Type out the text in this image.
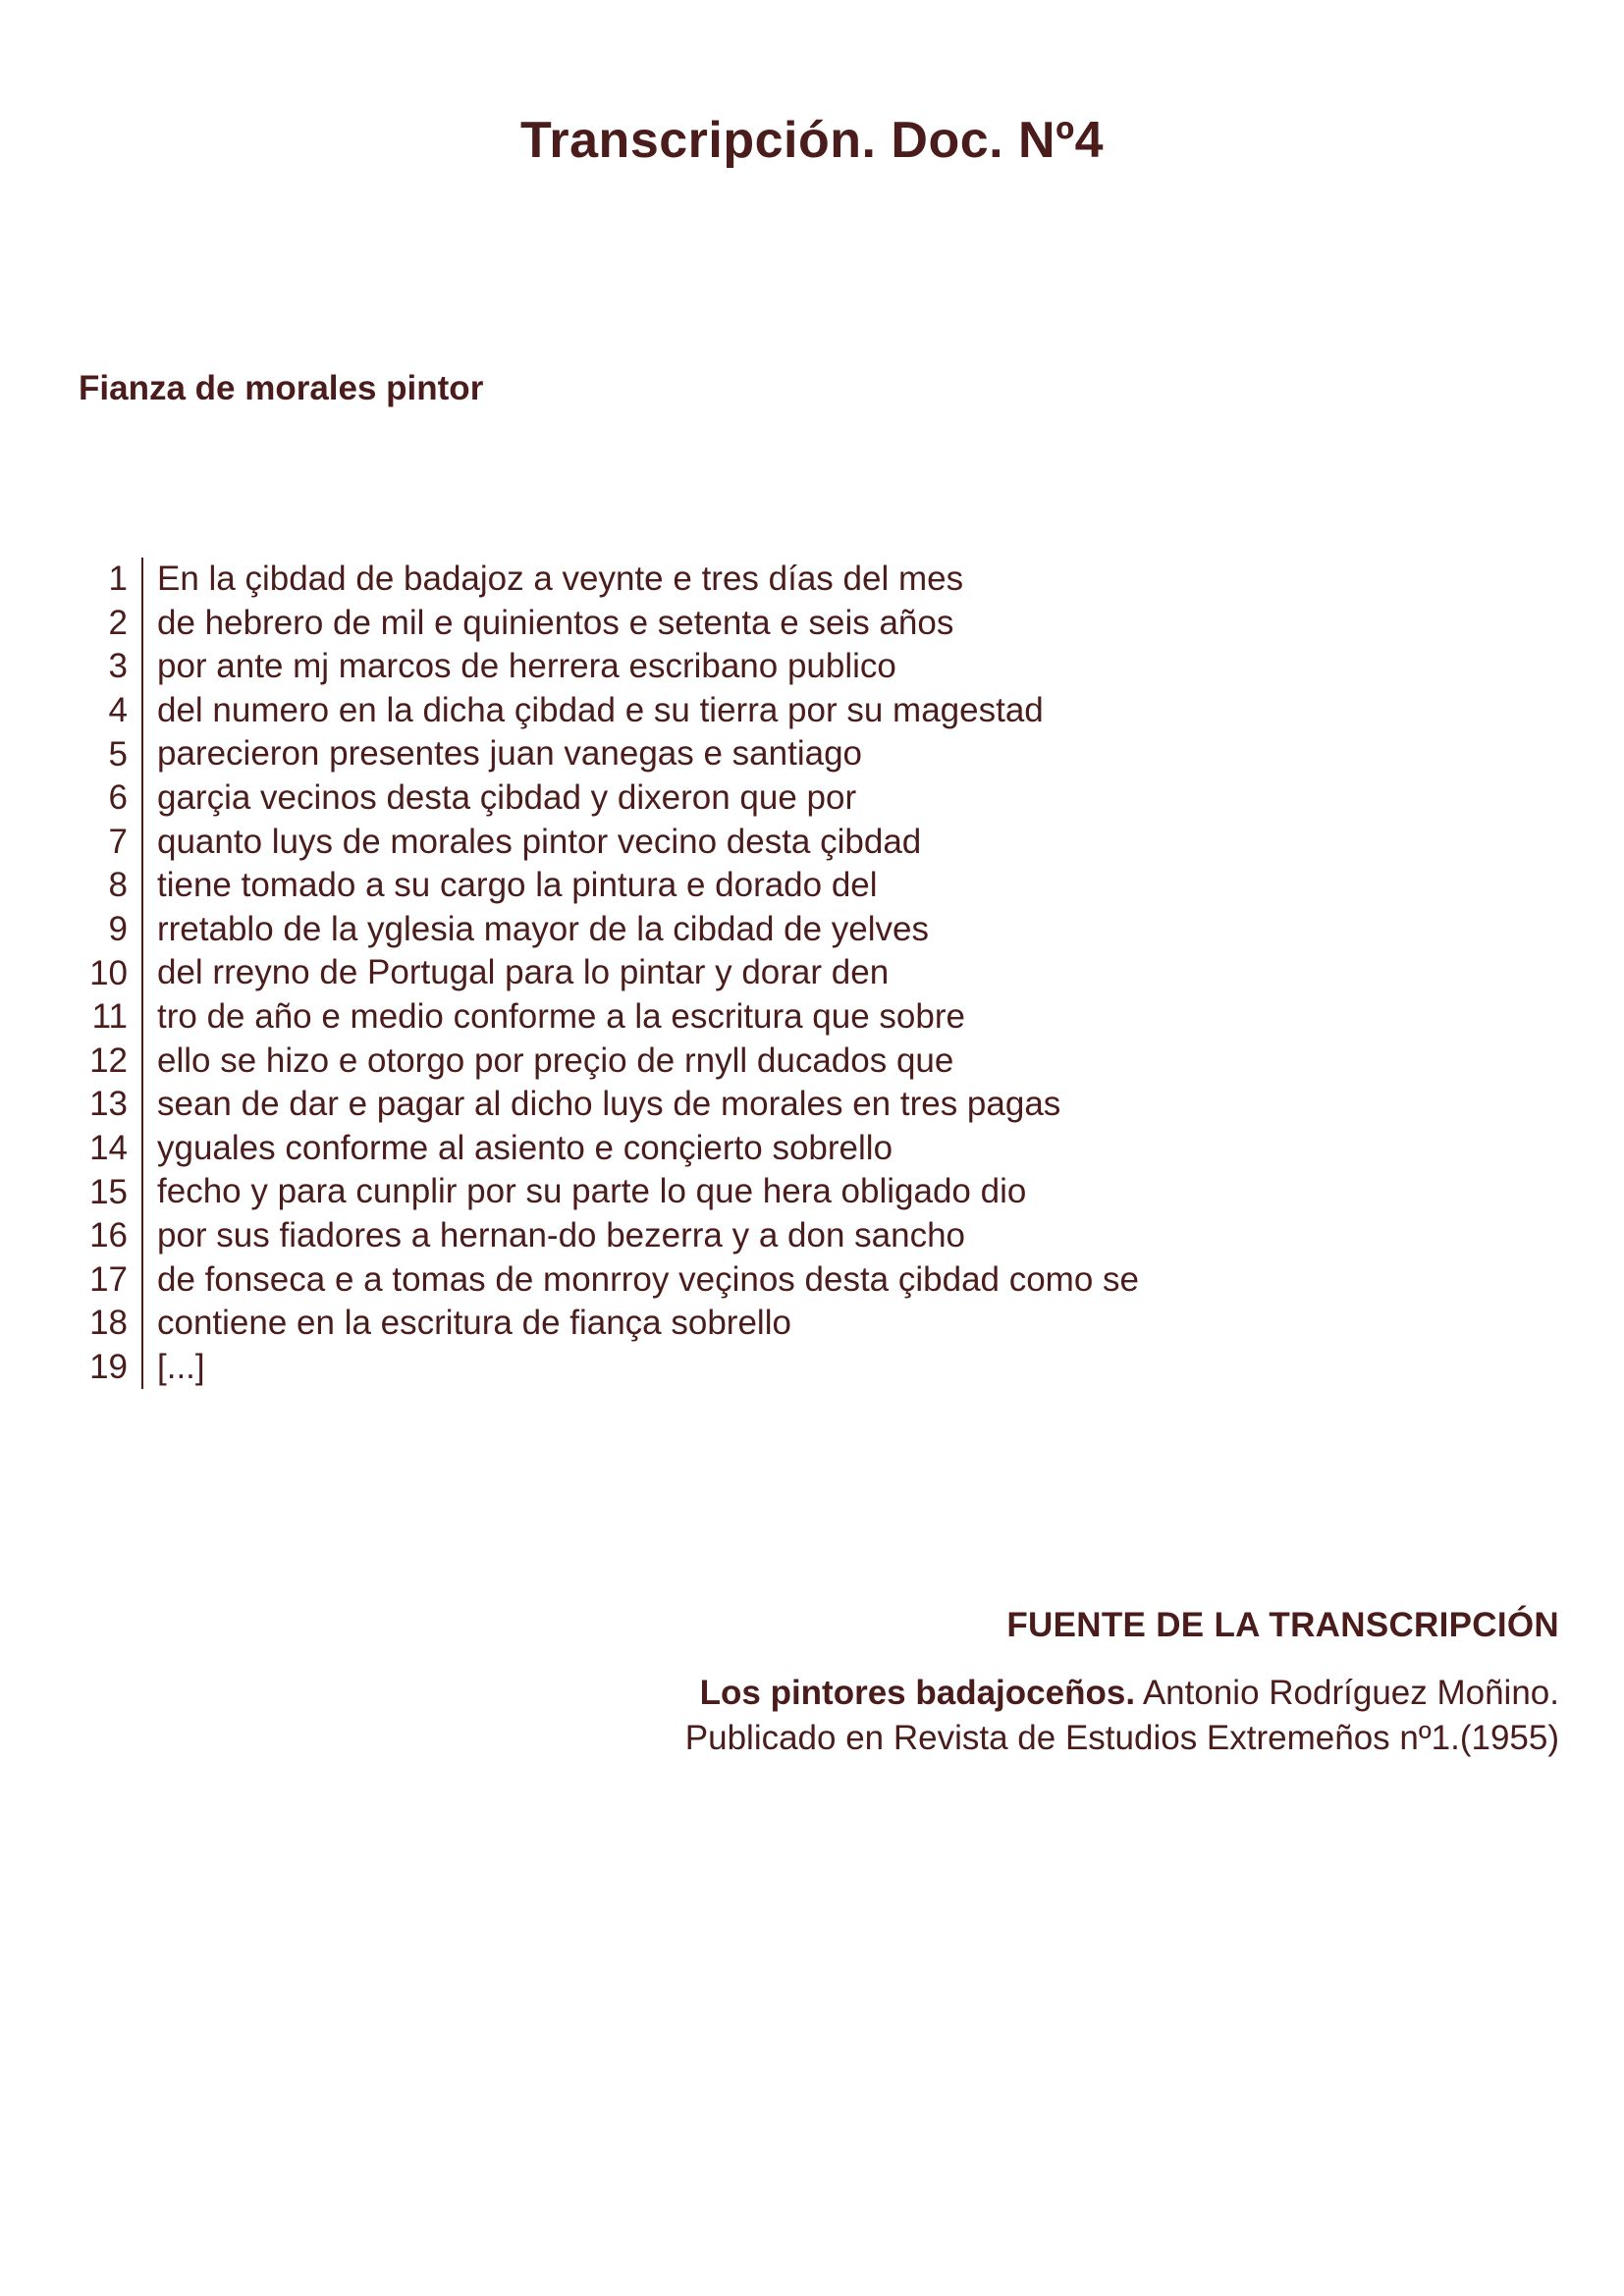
Transcripción. Doc. Nº4
Fianza de morales pintor
1 En la çibdad de badajoz a veynte e tres días del mes
2 de hebrero de mil e quinientos e setenta e seis años
3 por ante mj marcos de herrera escribano publico
4 del numero en la dicha çibdad e su tierra por su magestad
5 parecieron presentes juan vanegas e santiago
6 garçia vecinos desta çibdad y dixeron que por
7 quanto luys de morales pintor vecino desta çibdad
8 tiene tomado a su cargo la pintura e dorado del
9 rretablo de la yglesia mayor de la cibdad de yelves
10 del rreyno de Portugal para lo pintar y dorar den
11 tro de año e medio conforme a la escritura que sobre
12 ello se hizo e otorgo por preçio de rnyll ducados que
13 sean de dar e pagar al dicho luys de morales en tres pagas
14 yguales conforme al asiento e conçierto sobrello
15 fecho y para cunplir por su parte lo que hera obligado dio
16 por sus fiadores a hernan-do bezerra y a don sancho
17 de fonseca e a tomas de monrroy veçinos desta çibdad como se
18 contiene en la escritura de fiança sobrello
19 [...]
FUENTE DE LA TRANSCRIPCIÓN
Los pintores badajoceños. Antonio Rodríguez Moñino.
Publicado en Revista de Estudios Extremeños nº1.(1955)
